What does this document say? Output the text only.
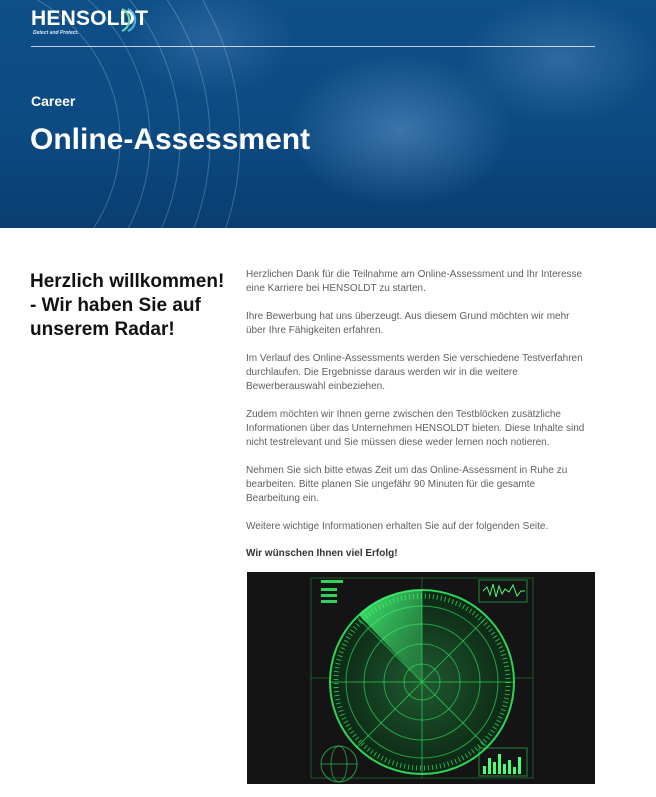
HENSOLDT
Detect and Protect.
Career
Online-Assessment
Herzlich willkommen! - Wir haben Sie auf unserem Radar!

Herzlichen Dank für die Teilnahme am Online-Assessment und Ihr Interesse eine Karriere bei HENSOLDT zu starten.

Ihre Bewerbung hat uns überzeugt. Aus diesem Grund möchten wir mehr über Ihre Fähigkeiten erfahren.

Im Verlauf des Online-Assessments werden Sie verschiedene Testverfahren durchlaufen. Die Ergebnisse daraus werden wir in die weitere Bewerberauswahl einbeziehen.

Zudem möchten wir Ihnen gerne zwischen den Testblöcken zusätzliche Informationen über das Unternehmen HENSOLDT bieten. Diese Inhalte sind nicht testrelevant und Sie müssen diese weder lernen noch notieren.

Nehmen Sie sich bitte etwas Zeit um das Online-Assessment in Ruhe zu bearbeiten. Bitte planen Sie ungefähr 90 Minuten für die gesamte Bearbeitung ein.

Weitere wichtige Informationen erhalten Sie auf der folgenden Seite.

Wir wünschen Ihnen viel Erfolg!
